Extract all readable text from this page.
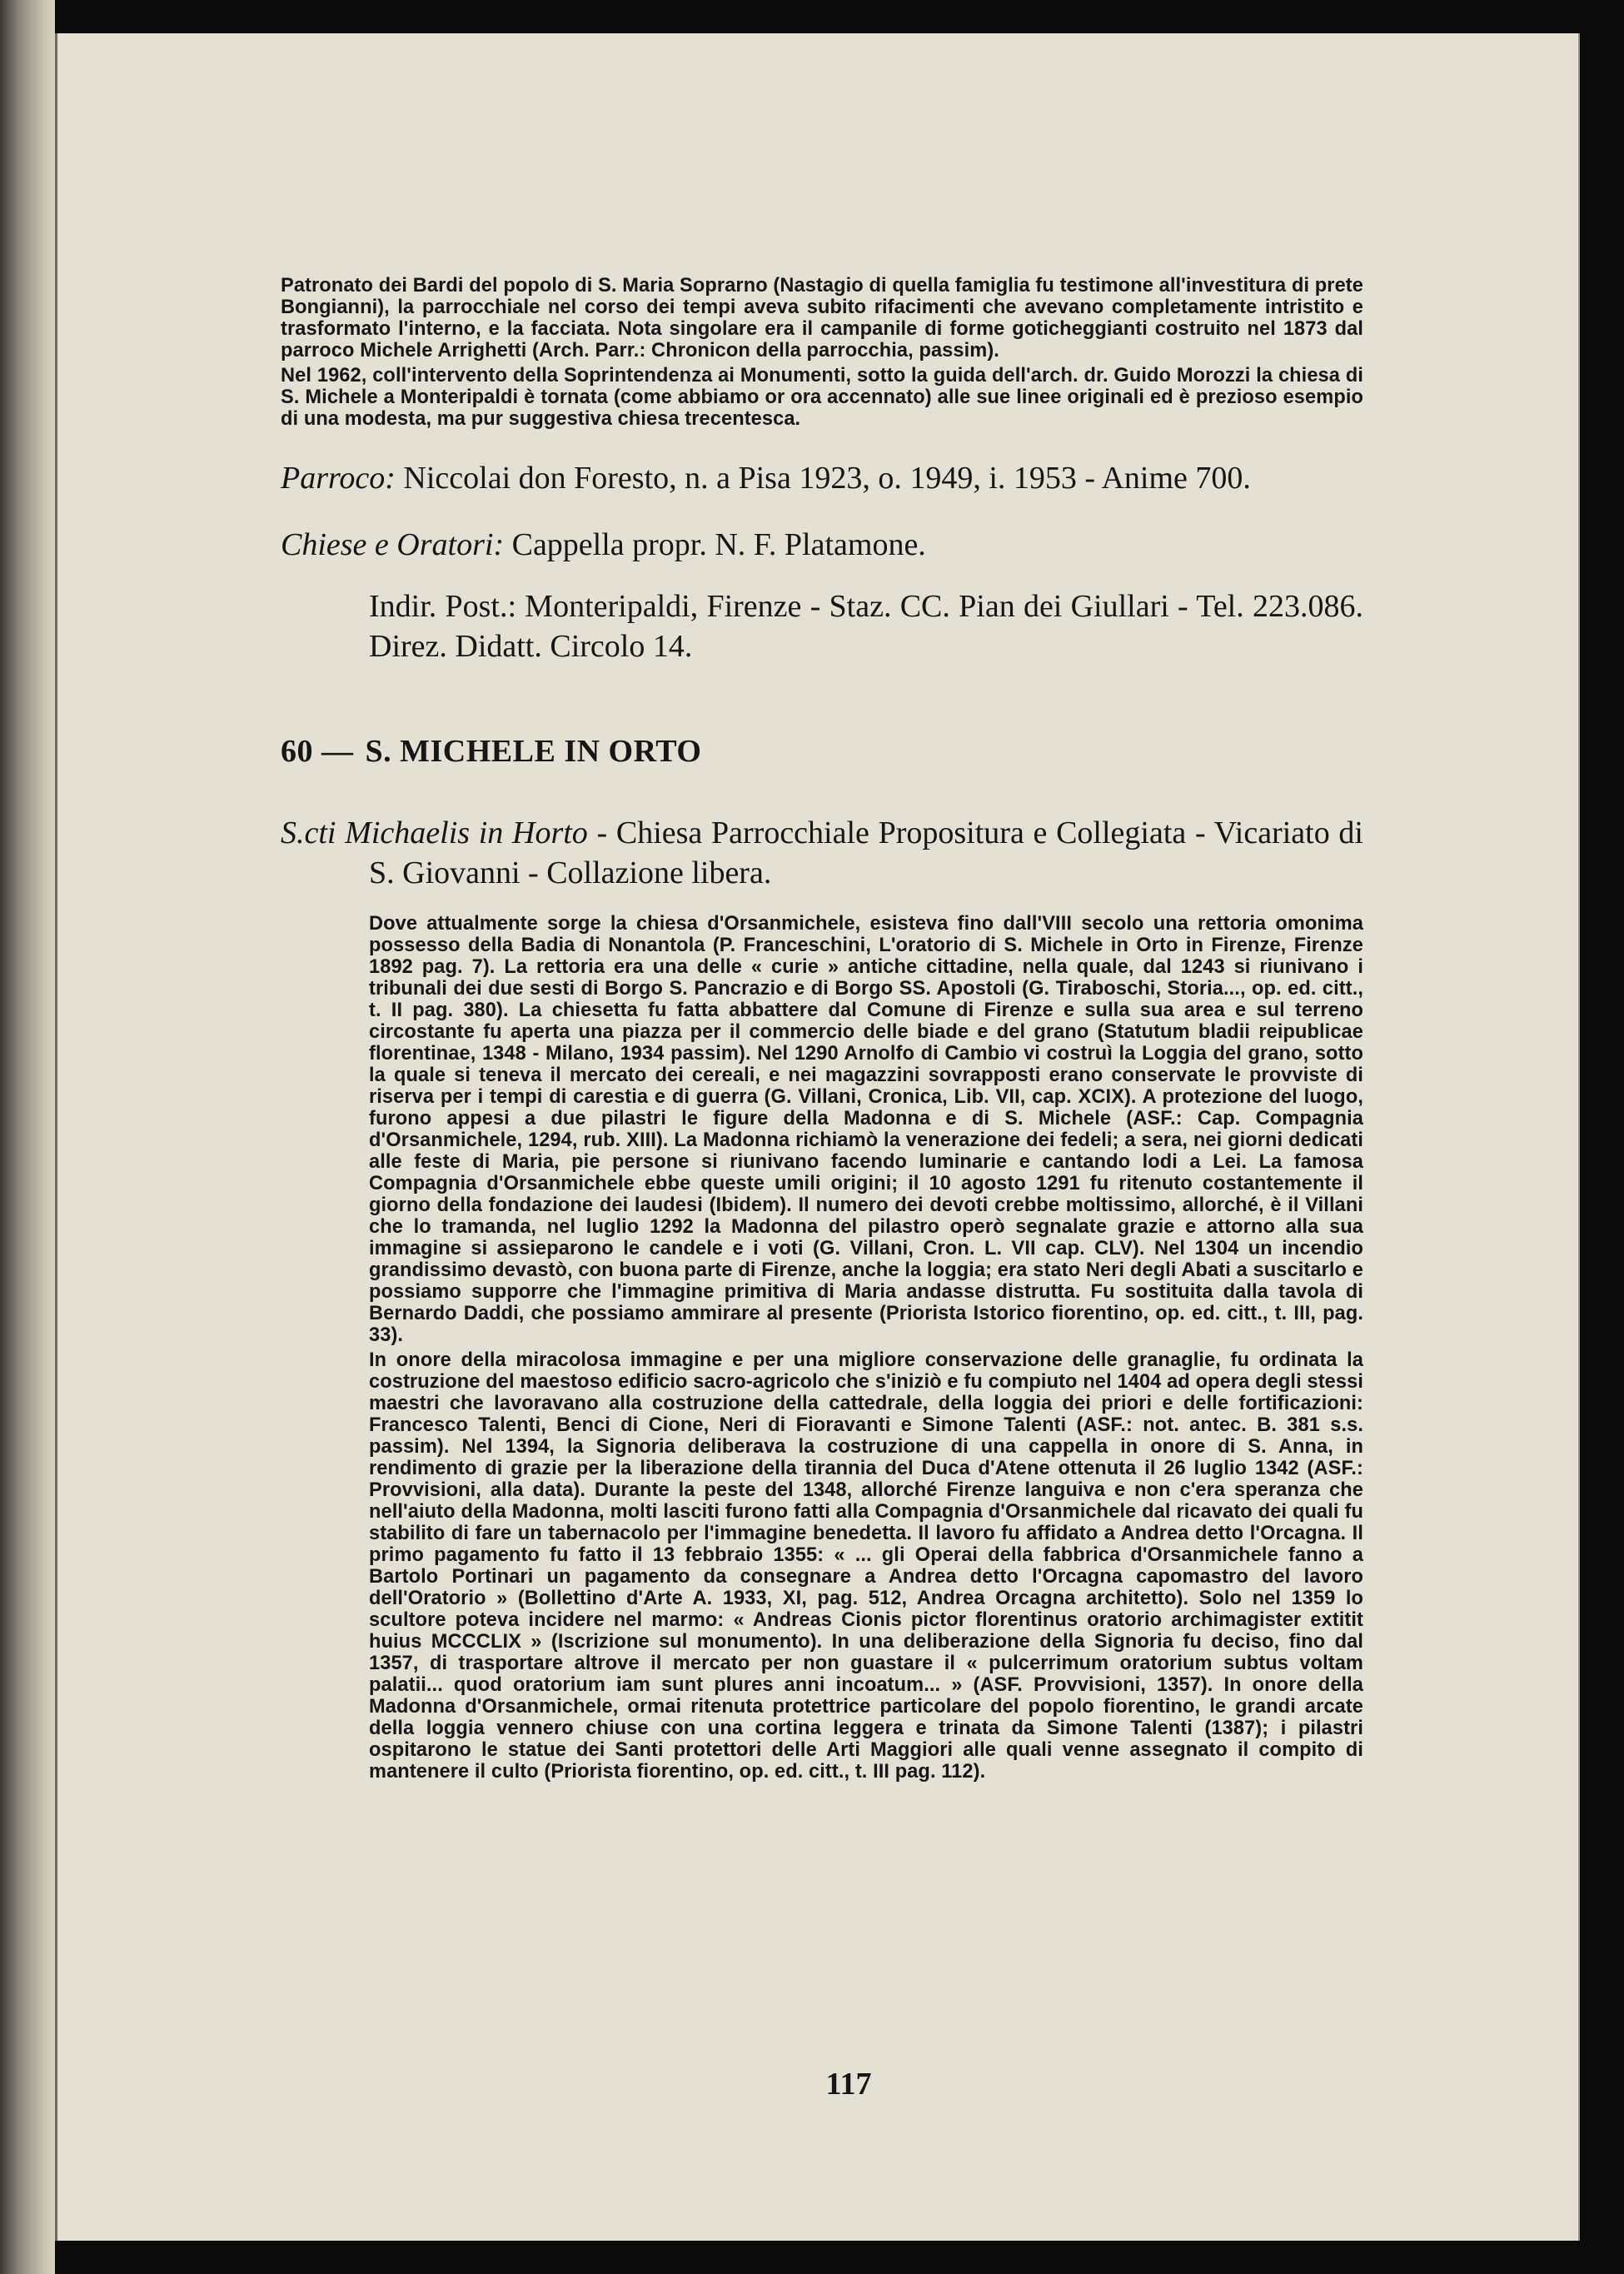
Patronato dei Bardi del popolo di S. Maria Soprarno (Nastagio di quella famiglia fu testimone all'investitura di prete Bongianni), la parrocchiale nel corso dei tempi aveva subito rifacimenti che avevano completamente intristito e trasformato l'interno, e la facciata. Nota singolare era il campanile di forme goticheggianti costruito nel 1873 dal parroco Michele Arrighetti (Arch. Parr.: Chronicon della parrocchia, passim).

Nel 1962, coll'intervento della Soprintendenza ai Monumenti, sotto la guida dell'arch. dr. Guido Morozzi la chiesa di S. Michele a Monteripaldi è tornata (come abbiamo or ora accennato) alle sue linee originali ed è prezioso esempio di una modesta, ma pur suggestiva chiesa trecentesca.

Parroco: Niccolai don Foresto, n. a Pisa 1923, o. 1949, i. 1953 - Anime 700.

Chiese e Oratori: Cappella propr. N. F. Platamone.

Indir. Post.: Monteripaldi, Firenze - Staz. CC. Pian dei Giullari - Tel. 223.086. Direz. Didatt. Circolo 14.

60 — S. MICHELE IN ORTO

S.cti Michaelis in Horto - Chiesa Parrocchiale Propositura e Collegiata - Vicariato di S. Giovanni - Collazione libera.

Dove attualmente sorge la chiesa d'Orsanmichele, esisteva fino dall'VIII secolo una rettoria omonima possesso della Badia di Nonantola (P. Franceschini, L'oratorio di S. Michele in Orto in Firenze, Firenze 1892 pag. 7). La rettoria era una delle « curie » antiche cittadine, nella quale, dal 1243 si riunivano i tribunali dei due sesti di Borgo S. Pancrazio e di Borgo SS. Apostoli (G. Tiraboschi, Storia..., op. ed. citt., t. II pag. 380). La chiesetta fu fatta abbattere dal Comune di Firenze e sulla sua area e sul terreno circostante fu aperta una piazza per il commercio delle biade e del grano (Statutum bladii reipublicae florentinae, 1348 - Milano, 1934 passim). Nel 1290 Arnolfo di Cambio vi costruì la Loggia del grano, sotto la quale si teneva il mercato dei cereali, e nei magazzini sovrapposti erano conservate le provviste di riserva per i tempi di carestia e di guerra (G. Villani, Cronica, Lib. VII, cap. XCIX). A protezione del luogo, furono appesi a due pilastri le figure della Madonna e di S. Michele (ASF.: Cap. Compagnia d'Orsanmichele, 1294, rub. XIII). La Madonna richiamò la venerazione dei fedeli; a sera, nei giorni dedicati alle feste di Maria, pie persone si riunivano facendo luminarie e cantando lodi a Lei. La famosa Compagnia d'Orsanmichele ebbe queste umili origini; il 10 agosto 1291 fu ritenuto costantemente il giorno della fondazione dei laudesi (Ibidem). Il numero dei devoti crebbe moltissimo, allorché, è il Villani che lo tramanda, nel luglio 1292 la Madonna del pilastro operò segnalate grazie e attorno alla sua immagine si assieparono le candele e i voti (G. Villani, Cron. L. VII cap. CLV). Nel 1304 un incendio grandissimo devastò, con buona parte di Firenze, anche la loggia; era stato Neri degli Abati a suscitarlo e possiamo supporre che l'immagine primitiva di Maria andasse distrutta. Fu sostituita dalla tavola di Bernardo Daddi, che possiamo ammirare al presente (Priorista Istorico fiorentino, op. ed. citt., t. III, pag. 33).

In onore della miracolosa immagine e per una migliore conservazione delle granaglie, fu ordinata la costruzione del maestoso edificio sacro-agricolo che s'iniziò e fu compiuto nel 1404 ad opera degli stessi maestri che lavoravano alla costruzione della cattedrale, della loggia dei priori e delle fortificazioni: Francesco Talenti, Benci di Cione, Neri di Fioravanti e Simone Talenti (ASF.: not. antec. B. 381 s.s. passim). Nel 1394, la Signoria deliberava la costruzione di una cappella in onore di S. Anna, in rendimento di grazie per la liberazione della tirannia del Duca d'Atene ottenuta il 26 luglio 1342 (ASF.: Provvisioni, alla data). Durante la peste del 1348, allorché Firenze languiva e non c'era speranza che nell'aiuto della Madonna, molti lasciti furono fatti alla Compagnia d'Orsanmichele dal ricavato dei quali fu stabilito di fare un tabernacolo per l'immagine benedetta. Il lavoro fu affidato a Andrea detto l'Orcagna. Il primo pagamento fu fatto il 13 febbraio 1355: « ... gli Operai della fabbrica d'Orsanmichele fanno a Bartolo Portinari un pagamento da consegnare a Andrea detto l'Orcagna capomastro del lavoro dell'Oratorio » (Bollettino d'Arte A. 1933, XI, pag. 512, Andrea Orcagna architetto). Solo nel 1359 lo scultore poteva incidere nel marmo: « Andreas Cionis pictor florentinus oratorio archimagister extitit huius MCCCLIX » (Iscrizione sul monumento). In una deliberazione della Signoria fu deciso, fino dal 1357, di trasportare altrove il mercato per non guastare il « pulcerrimum oratorium subtus voltam palatii... quod oratorium iam sunt plures anni incoatum... » (ASF. Provvisioni, 1357). In onore della Madonna d'Orsanmichele, ormai ritenuta protettrice particolare del popolo fiorentino, le grandi arcate della loggia vennero chiuse con una cortina leggera e trinata da Simone Talenti (1387); i pilastri ospitarono le statue dei Santi protettori delle Arti Maggiori alle quali venne assegnato il compito di mantenere il culto (Priorista fiorentino, op. ed. citt., t. III pag. 112).

117
